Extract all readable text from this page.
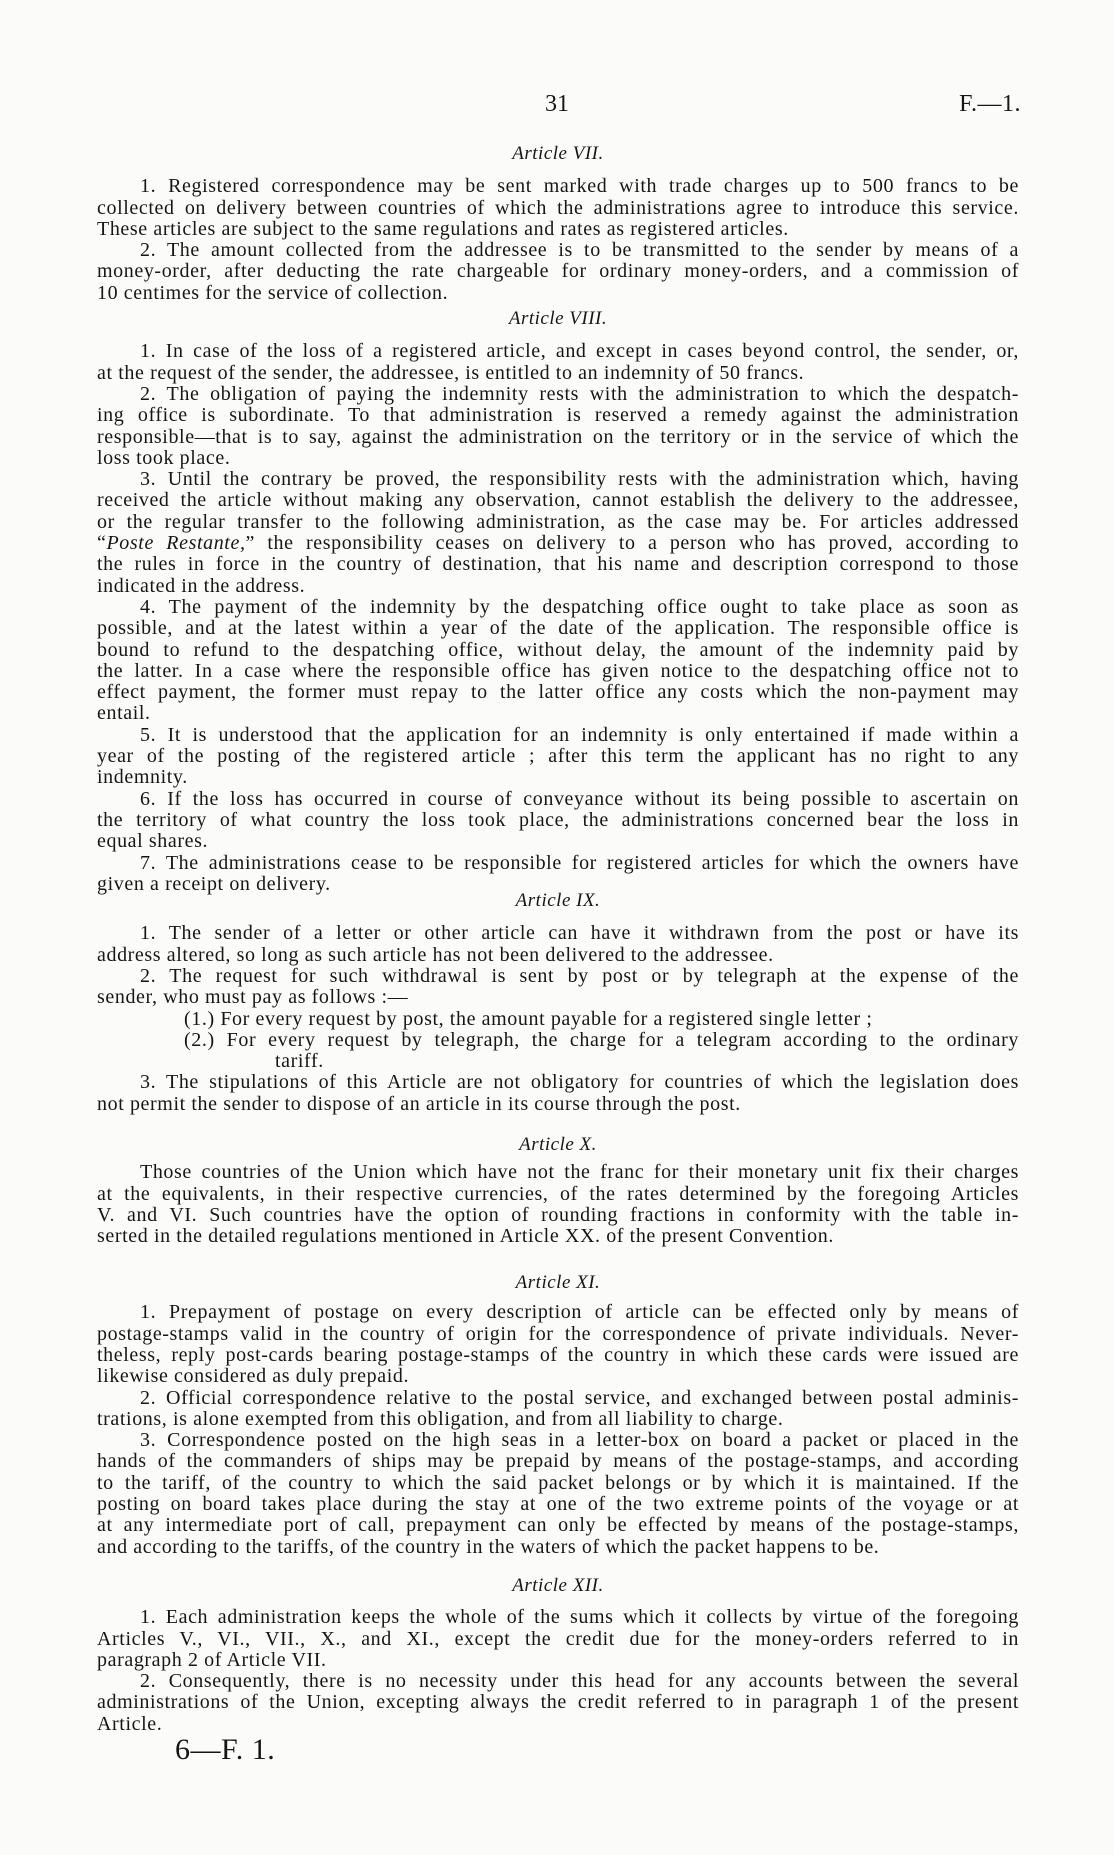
31	F.—1.
Article VII.
1. Registered correspondence may be sent marked with trade charges up to 500 francs to be
collected on delivery between countries of which the administrations agree to introduce this service.
These articles are subject to the same regulations and rates as registered articles.
2. The amount collected from the addressee is to be transmitted to the sender by means of a
money-order, after deducting the rate chargeable for ordinary money-orders, and a commission of
10 centimes for the service of collection.
Article VIII.
1. In case of the loss of a registered article, and except in cases beyond control, the sender, or,
at the request of the sender, the addressee, is entitled to an indemnity of 50 francs.
2. The obligation of paying the indemnity rests with the administration to which the despatch-
ing office is subordinate. To that administration is reserved a remedy against the administration
responsible—that is to say, against the administration on the territory or in the service of which the
loss took place.
3. Until the contrary be proved, the responsibility rests with the administration which, having
received the article without making any observation, cannot establish the delivery to the addressee,
or the regular transfer to the following administration, as the case may be. For articles addressed
“Poste Restante,” the responsibility ceases on delivery to a person who has proved, according to
the rules in force in the country of destination, that his name and description correspond to those
indicated in the address.
4. The payment of the indemnity by the despatching office ought to take place as soon as
possible, and at the latest within a year of the date of the application. The responsible office is
bound to refund to the despatching office, without delay, the amount of the indemnity paid by
the latter. In a case where the responsible office has given notice to the despatching office not to
effect payment, the former must repay to the latter office any costs which the non-payment may
entail.
5. It is understood that the application for an indemnity is only entertained if made within a
year of the posting of the registered article ; after this term the applicant has no right to any
indemnity.
6. If the loss has occurred in course of conveyance without its being possible to ascertain on
the territory of what country the loss took place, the administrations concerned bear the loss in
equal shares.
7. The administrations cease to be responsible for registered articles for which the owners have
given a receipt on delivery.
Article IX.
1. The sender of a letter or other article can have it withdrawn from the post or have its
address altered, so long as such article has not been delivered to the addressee.
2. The request for such withdrawal is sent by post or by telegraph at the expense of the
sender, who must pay as follows :—
(1.) For every request by post, the amount payable for a registered single letter ;
(2.) For every request by telegraph, the charge for a telegram according to the ordinary
tariff.
3. The stipulations of this Article are not obligatory for countries of which the legislation does
not permit the sender to dispose of an article in its course through the post.
Article X.
Those countries of the Union which have not the franc for their monetary unit fix their charges
at the equivalents, in their respective currencies, of the rates determined by the foregoing Articles
V. and VI. Such countries have the option of rounding fractions in conformity with the table in-
serted in the detailed regulations mentioned in Article XX. of the present Convention.
Article XI.
1. Prepayment of postage on every description of article can be effected only by means of
postage-stamps valid in the country of origin for the correspondence of private individuals. Never-
theless, reply post-cards bearing postage-stamps of the country in which these cards were issued are
likewise considered as duly prepaid.
2. Official correspondence relative to the postal service, and exchanged between postal adminis-
trations, is alone exempted from this obligation, and from all liability to charge.
3. Correspondence posted on the high seas in a letter-box on board a packet or placed in the
hands of the commanders of ships may be prepaid by means of the postage-stamps, and according
to the tariff, of the country to which the said packet belongs or by which it is maintained. If the
posting on board takes place during the stay at one of the two extreme points of the voyage or at
at any intermediate port of call, prepayment can only be effected by means of the postage-stamps,
and according to the tariffs, of the country in the waters of which the packet happens to be.
Article XII.
1. Each administration keeps the whole of the sums which it collects by virtue of the foregoing
Articles V., VI., VII., X., and XI., except the credit due for the money-orders referred to in
paragraph 2 of Article VII.
2. Consequently, there is no necessity under this head for any accounts between the several
administrations of the Union, excepting always the credit referred to in paragraph 1 of the present
Article.
6—F. 1.
